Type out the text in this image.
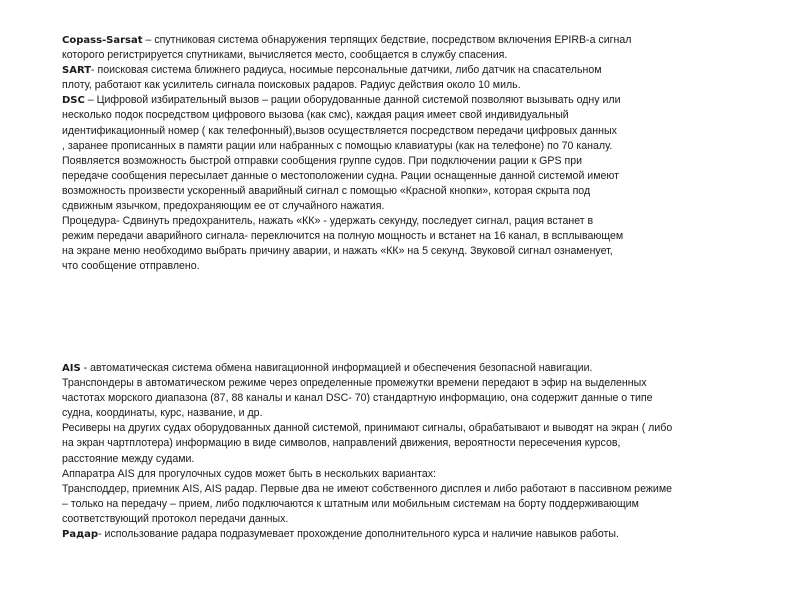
Copass-Sarsat – спутниковая система обнаружения терпящих бедствие, посредством включения EPIRB-а сигнал
которого регистрируется спутниками, вычисляется место, сообщается в службу спасения.
SART- поисковая система ближнего радиуса, носимые персональные датчики, либо датчик на спасательном
плоту, работают как усилитель сигнала поисковых радаров. Радиус действия около 10 миль.
DSC – Цифровой избирательный вызов – рации оборудованные данной системой позволяют вызывать одну или
несколько подок посредством цифрового вызова (как смс), каждая рация имеет свой индивидуальный
идентификационный номер ( как телефонный),вызов осуществляется посредством передачи цифровых данных
, заранее прописанных в памяти рации или набранных с помощью клавиатуры (как на телефоне) по 70 каналу.
Появляется возможность быстрой отправки сообщения группе судов. При подключении рации к GPS при
передаче сообщения пересылает данные о местоположении судна. Рации оснащенные данной системой имеют
возможность произвести ускоренный аварийный сигнал с помощью «Красной кнопки», которая скрыта под
сдвижным язычком, предохраняющим ее от случайного нажатия.
Процедура- Сдвинуть предохранитель, нажать «КК» - удержать секунду, последует сигнал, рация встанет в
режим передачи аварийного сигнала- переключится на полную мощность и встанет на 16 канал, в всплывающем
на экране меню необходимо выбрать причину аварии, и нажать «КК» на 5 секунд. Звуковой сигнал ознаменует,
что сообщение отправлено.
AIS - автоматическая система обмена навигационной информацией и обеспечения безопасной навигации.
Транспондеры в автоматическом режиме через определенные промежутки времени передают в эфир на выделенных
частотах морского диапазона (87, 88 каналы и канал DSC- 70) стандартную информацию, она содержит данные о типе
судна, координаты, курс, название, и др.
Ресиверы на других судах оборудованных данной системой, принимают сигналы, обрабатывают и выводят на экран ( либо
на экран чартплотера) информацию в виде символов, направлений движения, вероятности пересечения курсов,
расстояние между судами.
Аппаратра AIS для прогулочных судов может быть в нескольких вариантах:
Трансподдер, приемник AIS, AIS радар. Первые два не имеют собственного дисплея и либо работают в пассивном режиме
– только на передачу – прием, либо подключаются к штатным или мобильным системам на борту поддерживающим
соответствующий протокол передачи данных.
Радар- использование радара подразумевает прохождение дополнительного курса и наличие навыков работы.
